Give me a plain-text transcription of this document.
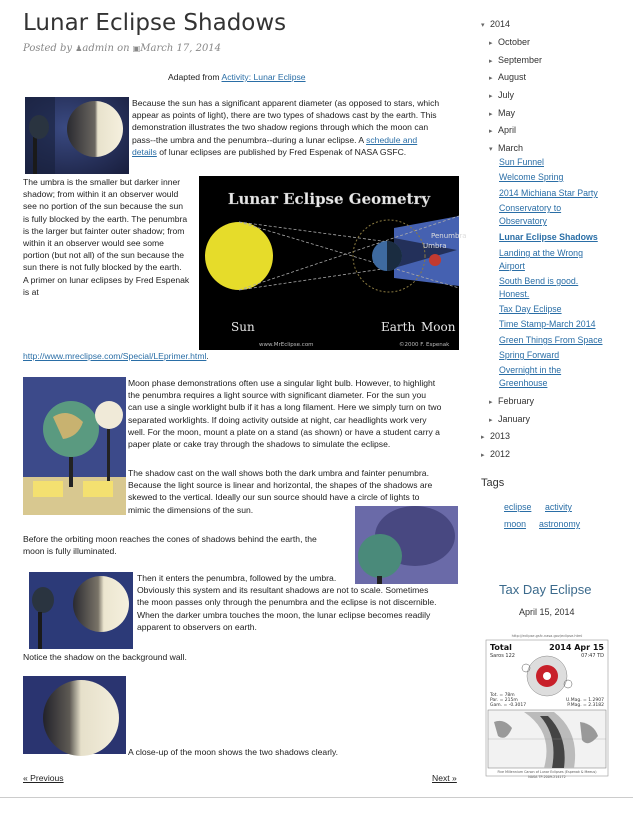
Lunar Eclipse Shadows
Posted by ♟admin on ▣March 17, 2014
Adapted from Activity: Lunar Eclipse
Because the sun has a significant apparent diameter (as opposed to stars, which
appear as points of light), there are two types of shadows cast by the earth. This
demonstration illustrates the two shadow regions through which the moon can
pass--the umbra and the penumbra--during a lunar eclipse. A schedule and
details of lunar eclipses are published by Fred Espenak of NASA GSFC.
The umbra is the smaller but darker inner
shadow; from within it an observer would
see no portion of the sun because the sun
is fully blocked by the earth. The penumbra
is the larger but fainter outer shadow; from
within it an observer would see some
portion (but not all) of the sun because the
sun there is not fully blocked by the earth.
A primer on lunar eclipses by Fred Espenak
is at
Lunar Eclipse Geometry
Penumbra
Umbra
Sun	Earth Moon
www.MrEclipse.com	©2000 F. Espenak
http://www.mreclipse.com/Special/LEprimer.html.
Moon phase demonstrations often use a singular light bulb. However, to highlight
the penumbra requires a light source with significant diameter. For the sun you
can use a single worklight bulb if it has a long filament. Here we simply turn on two
separated worklights. If doing activity outside at night, car headlights work very
well. For the moon, mount a plate on a stand (as shown) or have a student carry a
paper plate or cake tray through the shadows to simulate the eclipse.
The shadow cast on the wall shows both the dark umbra and fainter penumbra.
Because the light source is linear and horizontal, the shapes of the shadows are
skewed to the vertical. Ideally our sun source should have a circle of lights to
mimic the dimensions of the sun.
Before the orbiting moon reaches the cones of shadows behind the earth, the
moon is fully illuminated.
Then it enters the penumbra, followed by the umbra.
Obviously this system and its resultant shadows are not to scale. Sometimes
the moon passes only through the penumbra and the eclipse is not discernible.
When the darker umbra touches the moon, the lunar eclipse becomes readily
apparent to observers on earth.
Notice the shadow on the background wall.
A close-up of the moon shows the two shadows clearly.
« Previous	Next »
▾ 2014
▸ October
▸ September
▸ August
▸ July
▸ May
▸ April
▾ March
Sun Funnel
Welcome Spring
2014 Michiana Star Party
Conservatory to
Observatory
Lunar Eclipse Shadows
Landing at the Wrong
Airport
South Bend is good.
Honest.
Tax Day Eclipse
Time Stamp-March 2014
Green Things From Space
Spring Forward
Overnight in the
Greenhouse
▸ February
▸ January
▸ 2013
▸ 2012
Tags
eclipse activity
moon astronomy
Tax Day Eclipse
April 15, 2014
http://eclipse.gsfc.nasa.gov/eclipse.html
Total
Saros 122
2014 Apr 15
07:47 TD
Tot. = 78m
Par. = 215m
Gam. = -0.3017
U.Mag. = 1.2907
P.Mag. = 2.3182
Five Millennium Canon of Lunar Eclipses (Espenak & Meeus)
NASA TP-2009-214172
